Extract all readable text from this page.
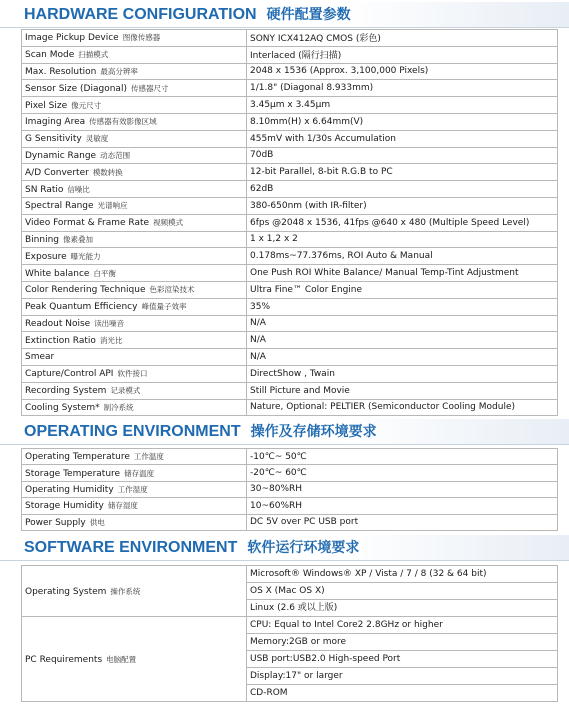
HARDWARE CONFIGURATION 硬件配置参数
Image Pickup Device 图像传感器	SONY ICX412AQ CMOS (彩色)
Scan Mode 扫描模式	Interlaced (隔行扫描)
Max. Resolution 最高分辨率	2048 x 1536 (Approx. 3,100,000 Pixels)
Sensor Size (Diagonal) 传感器尺寸	1/1.8" (Diagonal 8.933mm)
Pixel Size 像元尺寸	3.45μm x 3.45μm
Imaging Area 传感器有效影像区域	8.10mm(H) x 6.64mm(V)
G Sensitivity 灵敏度	455mV with 1/30s Accumulation
Dynamic Range 动态范围	70dB
A/D Converter 模数转换	12-bit Parallel, 8-bit R.G.B to PC
SN Ratio 信噪比	62dB
Spectral Range 光谱响应	380-650nm (with IR-filter)
Video Format & Frame Rate 视频模式	6fps @2048 x 1536, 41fps @640 x 480 (Multiple Speed Level)
Binning 像素叠加	1 x 1,2 x 2
Exposure 曝光能力	0.178ms~77.376ms, ROI Auto & Manual
White balance 白平衡	One Push ROI White Balance/ Manual Temp-Tint Adjustment
Color Rendering Technique 色彩渲染技术	Ultra Fine™ Color Engine
Peak Quantum Efficiency 峰值量子效率	35%
Readout Noise 读出噪音	N/A
Extinction Ratio 消光比	N/A
Smear	N/A
Capture/Control API 软件接口	DirectShow , Twain
Recording System 记录模式	Still Picture and Movie
Cooling System* 制冷系统	Nature, Optional: PELTIER (Semiconductor Cooling Module)
OPERATING ENVIRONMENT 操作及存储环境要求
Operating Temperature 工作温度	-10℃~ 50℃
Storage Temperature 储存温度	-20℃~ 60℃
Operating Humidity 工作湿度	30~80%RH
Storage Humidity 储存湿度	10~60%RH
Power Supply 供电	DC 5V over PC USB port
SOFTWARE ENVIRONMENT 软件运行环境要求
Operating System 操作系统	Microsoft® Windows® XP / Vista / 7 / 8 (32 & 64 bit)
OS X (Mac OS X)
Linux (2.6 或以上版)

PC Requirements 电脑配置	CPU: Equal to Intel Core2 2.8GHz or higher
Memory:2GB or more
USB port:USB2.0 High-speed Port
Display:17" or larger
CD-ROM
